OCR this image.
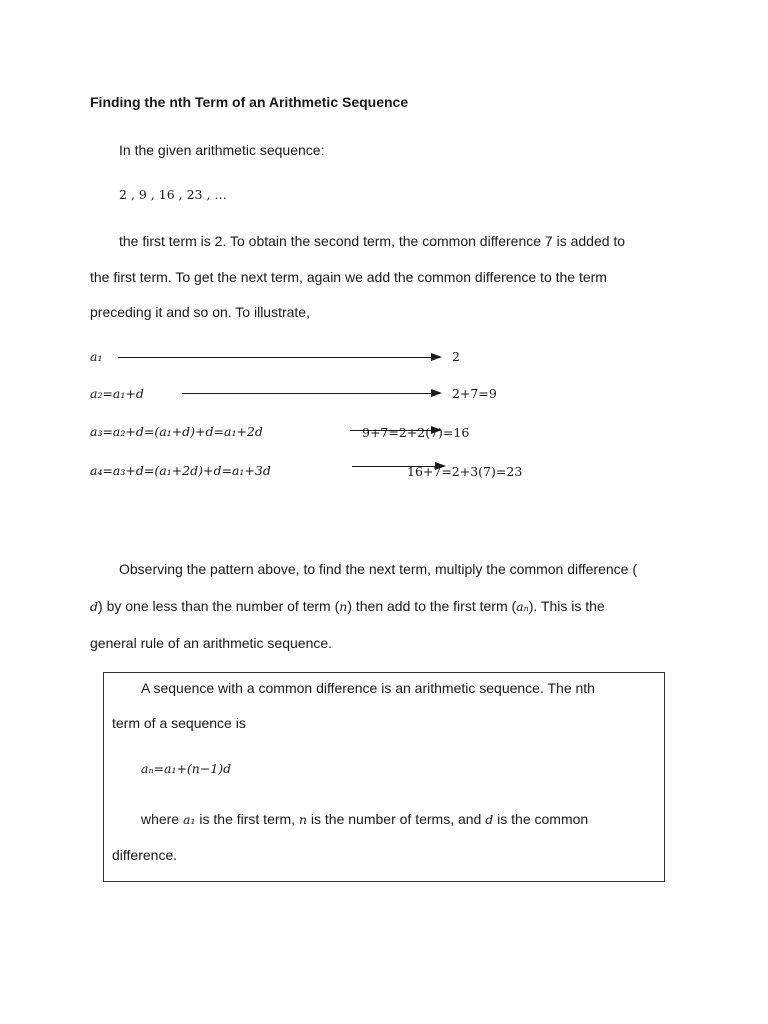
Finding the nth Term of an Arithmetic Sequence
In the given arithmetic sequence:
2 , 9 , 16 , 23 , …
the first term is 2. To obtain the second term, the common difference 7 is added to
the first term. To get the next term, again we add the common difference to the term
preceding it and so on. To illustrate,
a₁	2
a₂=a₁+d	2+7=9
a₃=a₂+d=(a₁+d)+d=a₁+2d	9+7=2+2(7)=16
a₄=a₃+d=(a₁+2d)+d=a₁+3d	16+7=2+3(7)=23
Observing the pattern above, to find the next term, multiply the common difference (
d) by one less than the number of term (n) then add to the first term (aₙ). This is the
general rule of an arithmetic sequence.
A sequence with a common difference is an arithmetic sequence. The nth
term of a sequence is
aₙ=a₁+(n−1)d
where a₁ is the first term, n is the number of terms, and d is the common
difference.
